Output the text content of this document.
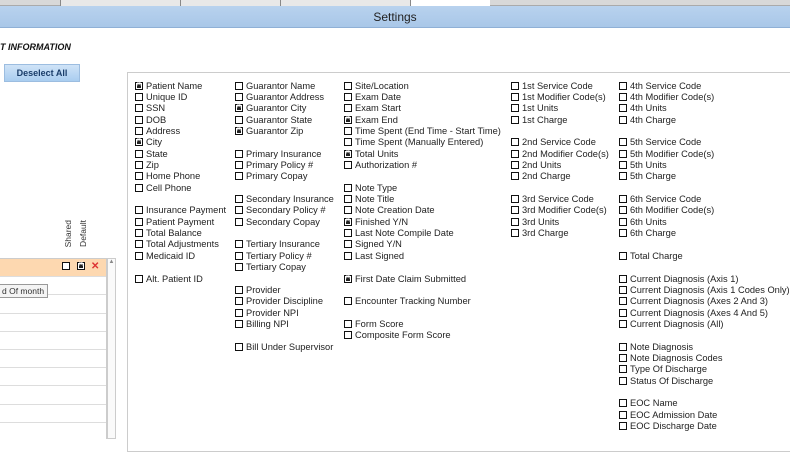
Settings
T INFORMATION
Deselect All
Shared Default
✕
✕ ▲
d Of month
✕
Patient Name
Unique ID
SSN
DOB
Address
✕
City
State
Zip
Home Phone
Cell Phone
Insurance Payment
Patient Payment
Total Balance
Total Adjustments
Medicaid ID
Alt. Patient ID
Guarantor Name
Guarantor Address
✕
Guarantor City
Guarantor State
✕
Guarantor Zip
Primary Insurance
Primary Policy #
Primary Copay
Secondary Insurance
Secondary Policy #
Secondary Copay
Tertiary Insurance
Tertiary Policy #
Tertiary Copay
Provider
Provider Discipline
Provider NPI
Billing NPI
Bill Under Supervisor
Site/Location
Exam Date
Exam Start
✕
Exam End
Time Spent (End Time - Start Time)
Time Spent (Manually Entered)
✕
Total Units
Authorization #
Note Type
Note Title
Note Creation Date
✕
Finished Y/N
Last Note Compile Date
Signed Y/N
Last Signed
✕
First Date Claim Submitted
Encounter Tracking Number
Form Score
Composite Form Score
1st Service Code
1st Modifier Code(s)
1st Units
1st Charge
2nd Service Code
2nd Modifier Code(s)
2nd Units
2nd Charge
3rd Service Code
3rd Modifier Code(s)
3rd Units
3rd Charge
4th Service Code
4th Modifier Code(s)
4th Units
4th Charge
5th Service Code
5th Modifier Code(s)
5th Units
5th Charge
6th Service Code
6th Modifier Code(s)
6th Units
6th Charge
Total Charge
Current Diagnosis (Axis 1)
Current Diagnosis (Axis 1 Codes Only)
Current Diagnosis (Axes 2 And 3)
Current Diagnosis (Axes 4 And 5)
Current Diagnosis (All)
Note Diagnosis
Note Diagnosis Codes
Type Of Discharge
Status Of Discharge
EOC Name
EOC Admission Date
EOC Discharge Date
